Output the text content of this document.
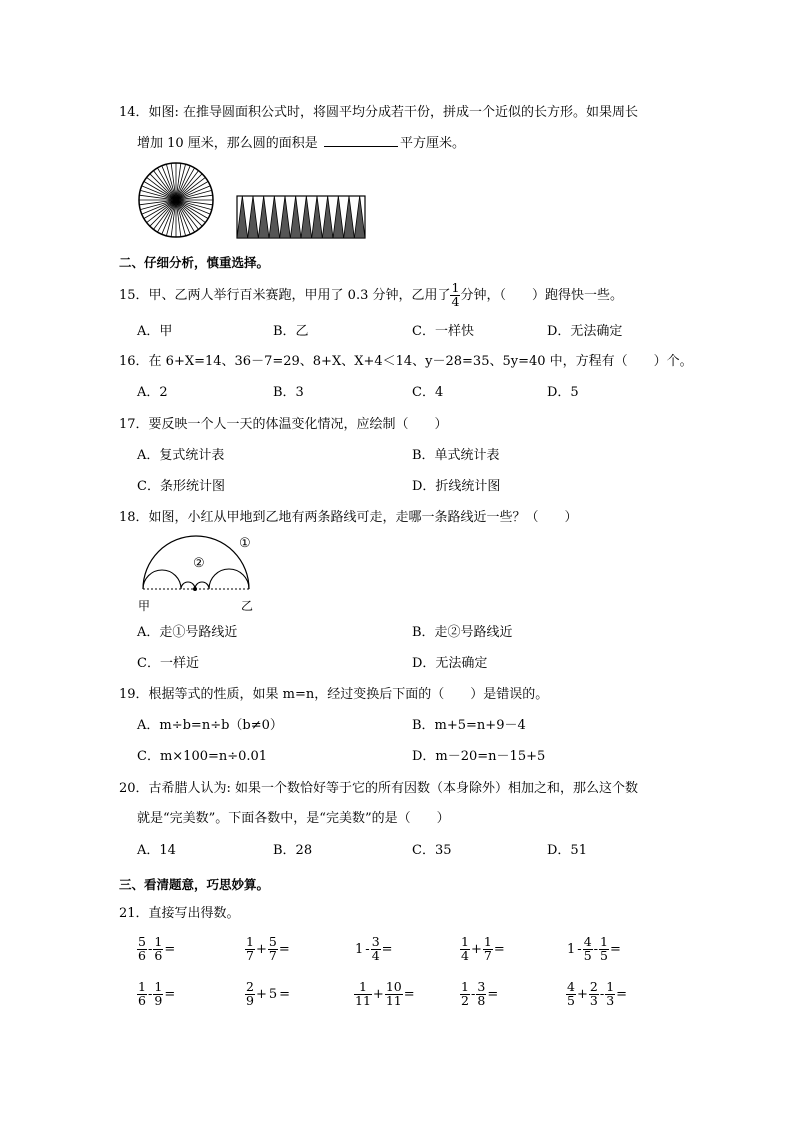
14．如图: 在推导圆面积公式时，将圆平均分成若干份，拼成一个近似的长方形。如果周长
增加 10 厘米，那么圆的面积是	平方厘米。
二、仔细分析，慎重选择。
15．甲、乙两人举行百米赛跑，甲用了 0.3 分钟，乙用了 $\frac{1}{4}$ 分钟，（　　）跑得快一些。
A．甲	B．乙	C．一样快	D．无法确定
16．在 6+X=14、36－7=29、8+X、X+4＜14、y－28=35、5y=40 中，方程有（　　）个。
A．2	B．3	C．4	D．5
17．要反映一个人一天的体温变化情况，应绘制（　　）
A．复式统计表	B．单式统计表
C．条形统计图	D．折线统计图
18．如图，小红从甲地到乙地有两条路线可走，走哪一条路线近一些？（　　）
①
②
甲	乙
A．走①号路线近	B．走②号路线近
C．一样近	D．无法确定
19．根据等式的性质，如果 m=n，经过变换后下面的（　　）是错误的。
A．m÷b=n÷b（b≠0）	B．m+5=n+9－4
C．m×100=n÷0.01	D．m－20=n－15+5
20．古希腊人认为: 如果一个数恰好等于它的所有因数（本身除外）相加之和，那么这个数
就是“完美数”。下面各数中，是“完美数”的是（　　）
A．14	B．28	C．35	D．51
三、看清题意，巧思妙算。
21．直接写出得数。
$\frac{5}{6} - \frac{1}{6}$ =	$\frac{1}{7} + \frac{5}{7}$ =	$1 - \frac{3}{4}$ =	$\frac{1}{4} + \frac{1}{7}$ =	$1 - \frac{4}{5} - \frac{1}{5}$ =
$\frac{1}{6} - \frac{1}{9}$ =	$\frac{2}{9} + 5$ =	$\frac{1}{11} + \frac{10}{11}$ =	$\frac{1}{2} - \frac{3}{8}$ =	$\frac{4}{5} + \frac{2}{3} - \frac{1}{3}$ =
